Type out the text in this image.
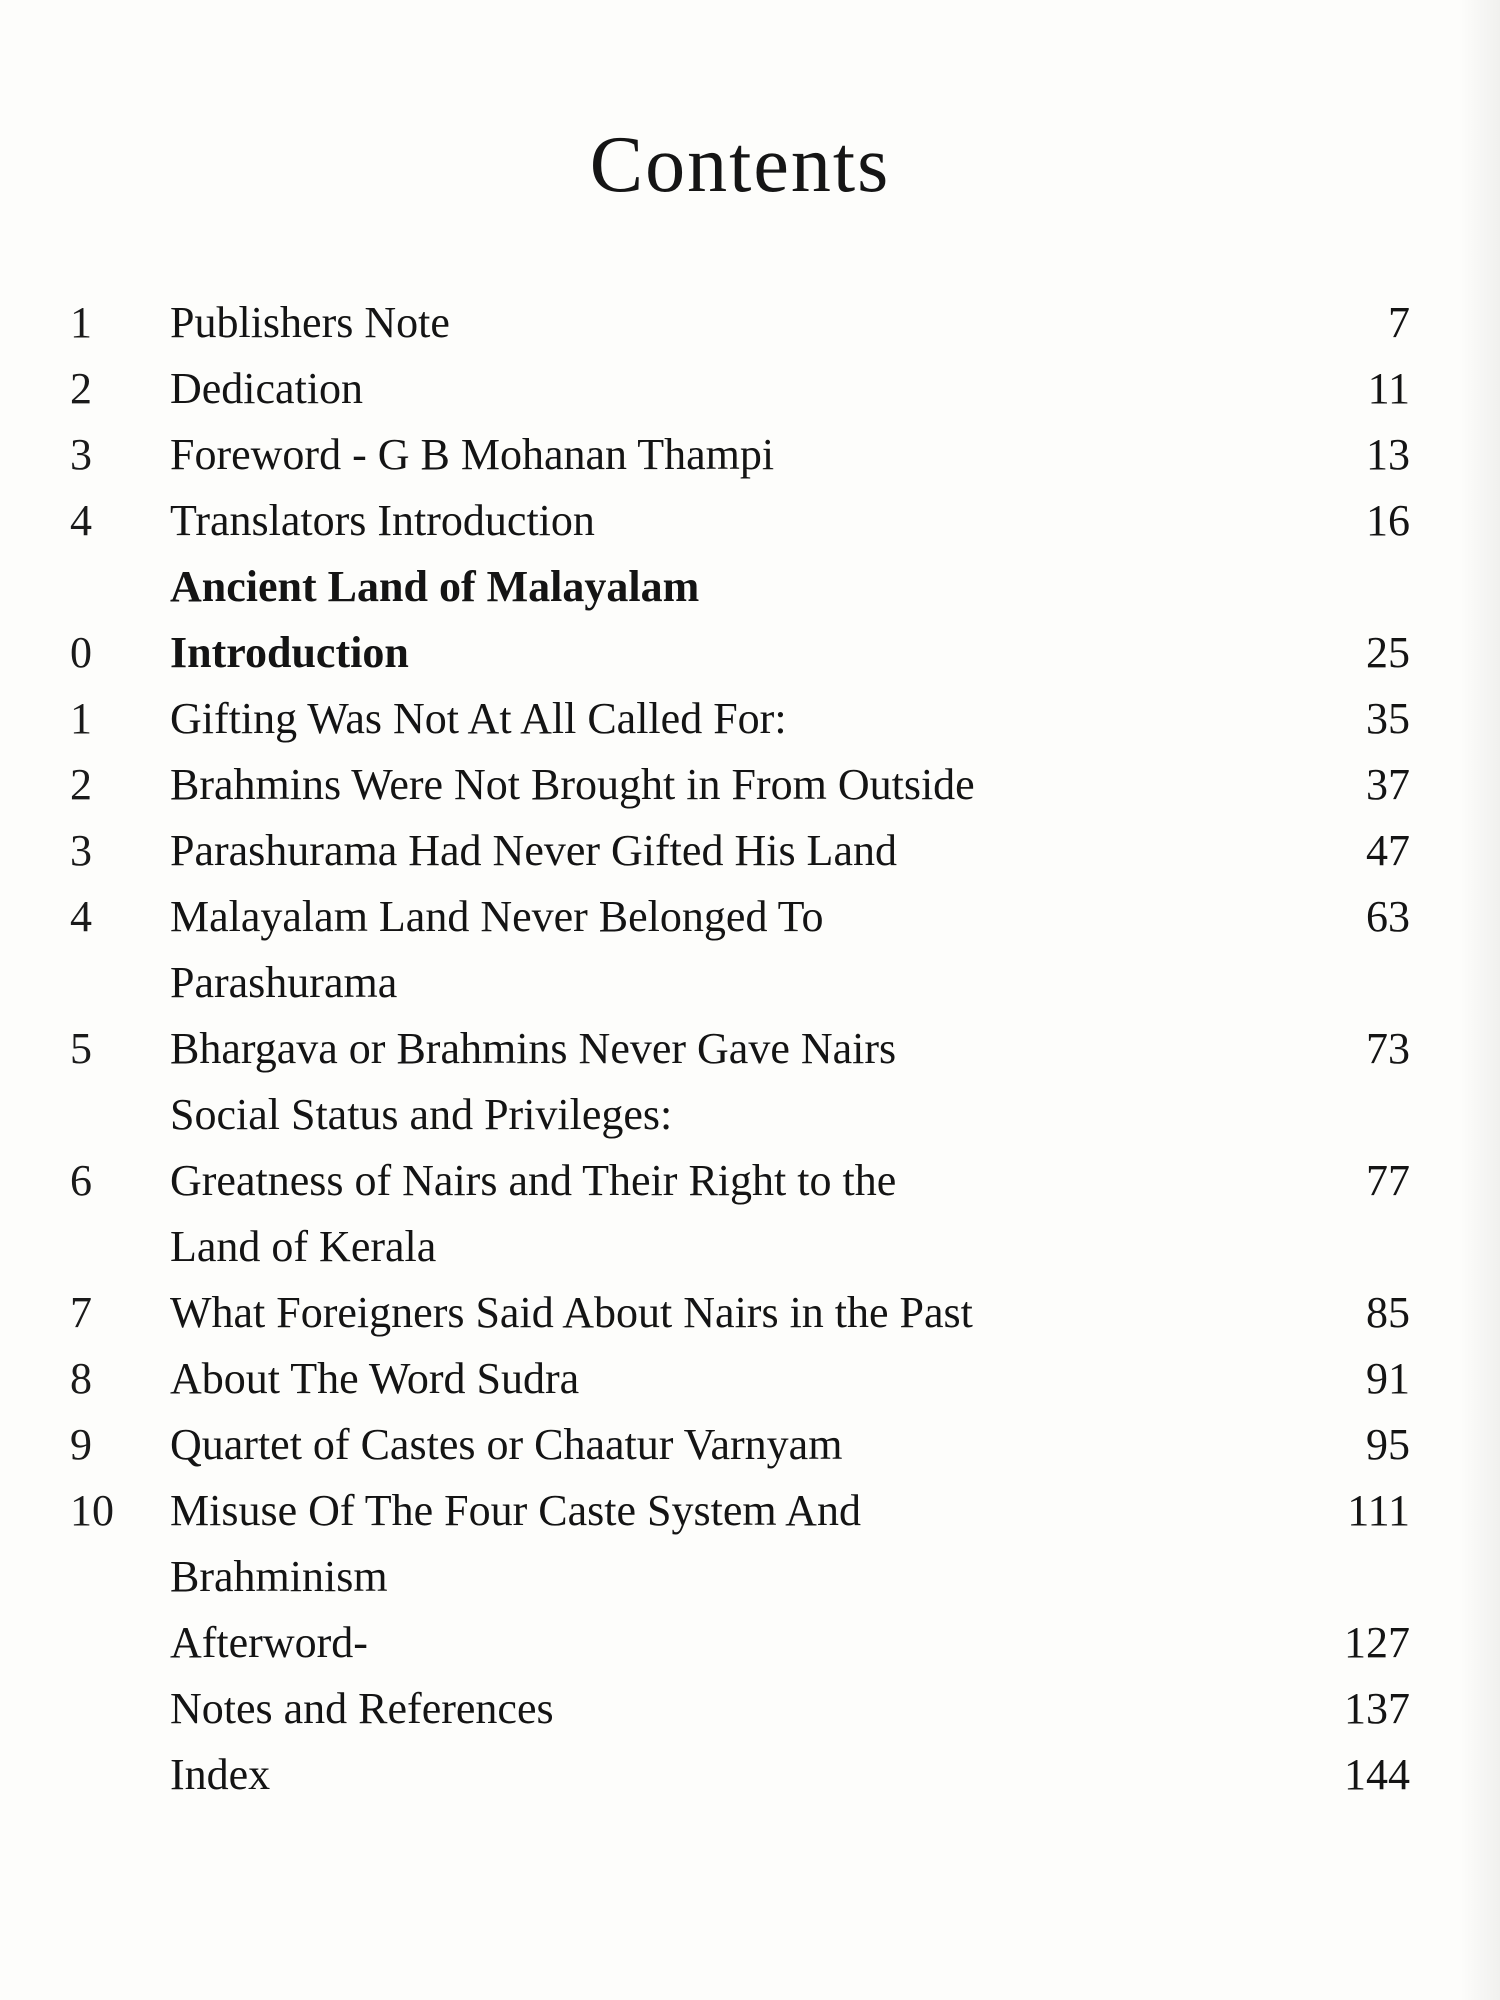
Contents
1	Publishers Note	7
2	Dedication	11
3	Foreword - G B Mohanan Thampi	13
4	Translators Introduction	16
Ancient Land of Malayalam
0	Introduction	25
1	Gifting Was Not At All Called For:	35
2	Brahmins Were Not Brought in From Outside	37
3	Parashurama Had Never Gifted His Land	47
4	Malayalam Land Never Belonged To	63
Parashurama
5	Bhargava or Brahmins Never Gave Nairs	73
Social Status and Privileges:
6	Greatness of Nairs and Their Right to the	77
Land of Kerala
7	What Foreigners Said About Nairs in the Past	85
8	About The Word Sudra	91
9	Quartet of Castes or Chaatur Varnyam	95
10	Misuse Of The Four Caste System And	111
Brahminism
Afterword-	127
Notes and References	137
Index	144
